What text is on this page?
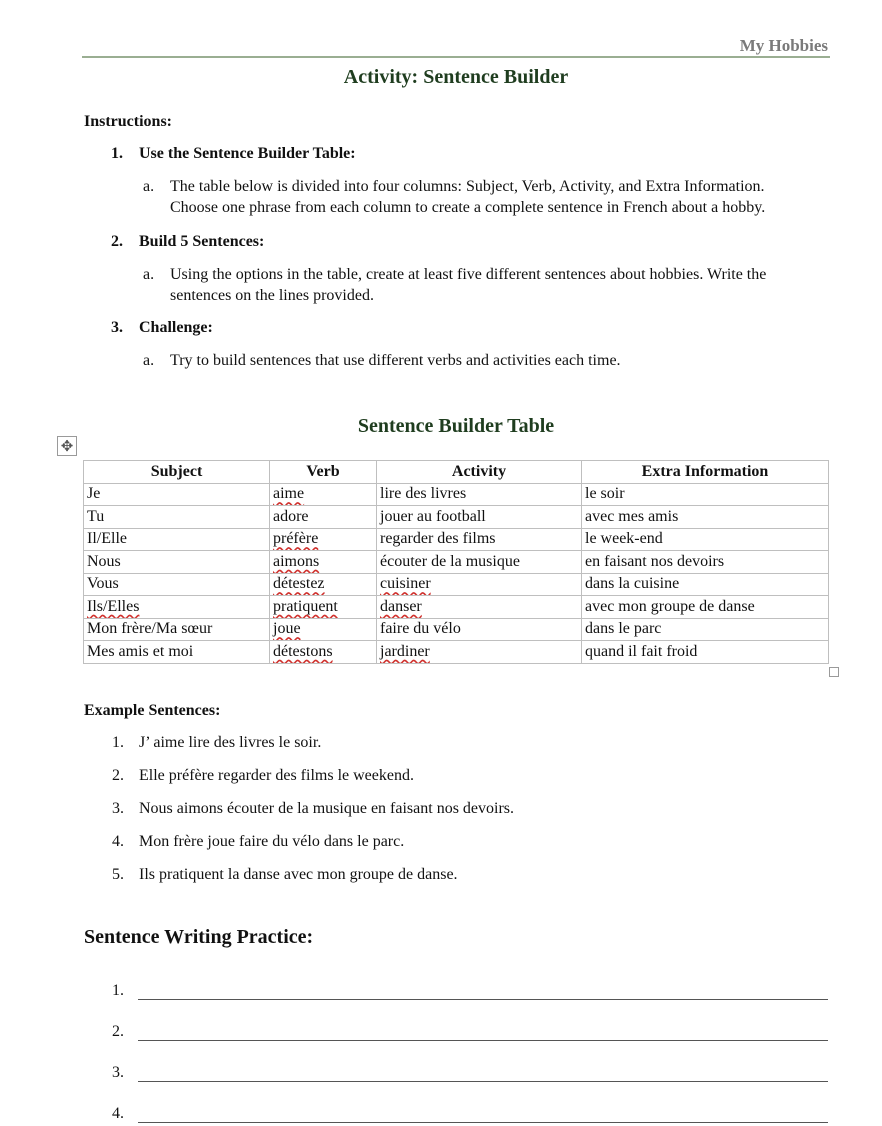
My Hobbies
Activity: Sentence Builder
Instructions:
1. Use the Sentence Builder Table:
a. The table below is divided into four columns: Subject, Verb, Activity, and Extra Information.
Choose one phrase from each column to create a complete sentence in French about a hobby.
2. Build 5 Sentences:
a. Using the options in the table, create at least five different sentences about hobbies. Write the
sentences on the lines provided.
3. Challenge:
a. Try to build sentences that use different verbs and activities each time.
Sentence Builder Table
✥
Subject	Verb	Activity	Extra Information
Je	aime	lire des livres	le soir
Tu	adore	jouer au football	avec mes amis
Il/Elle	préfère	regarder des films	le week-end
Nous	aimons	écouter de la musique	en faisant nos devoirs
Vous	détestez	cuisiner	dans la cuisine
Ils/Elles	pratiquent	danser	avec mon groupe de danse
Mon frère/Ma sœur	joue	faire du vélo	dans le parc
Mes amis et moi	détestons	jardiner	quand il fait froid
Example Sentences:
1. J’ aime lire des livres le soir.
2. Elle préfère regarder des films le weekend.
3. Nous aimons écouter de la musique en faisant nos devoirs.
4. Mon frère joue faire du vélo dans le parc.
5. Ils pratiquent la danse avec mon groupe de danse.
Sentence Writing Practice:
1.
2.
3.
4.
